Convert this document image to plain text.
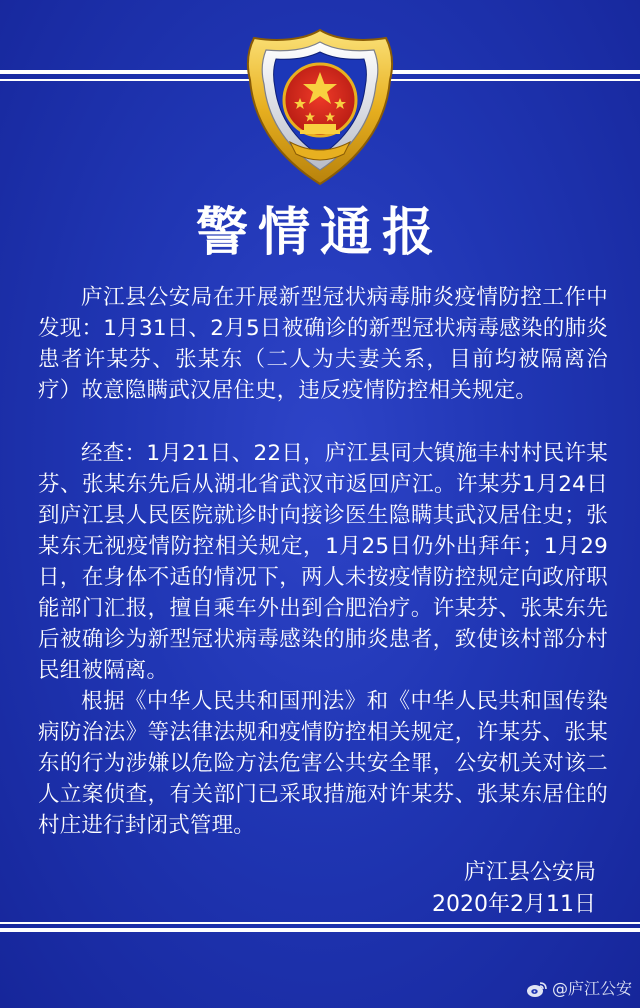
警情通报

庐江县公安局在开展新型冠状病毒肺炎疫情防控工作中发现：1月31日、2月5日被确诊的新型冠状病毒感染的肺炎患者许某芬、张某东（二人为夫妻关系，目前均被隔离治疗）故意隐瞒武汉居住史，违反疫情防控相关规定。

经查：1月21日、22日，庐江县同大镇施丰村村民许某芬、张某东先后从湖北省武汉市返回庐江。许某芬1月24日到庐江县人民医院就诊时向接诊医生隐瞒其武汉居住史；张某东无视疫情防控相关规定，1月25日仍外出拜年；1月29日，在身体不适的情况下，两人未按疫情防控规定向政府职能部门汇报，擅自乘车外出到合肥治疗。许某芬、张某东先后被确诊为新型冠状病毒感染的肺炎患者，致使该村部分村民组被隔离。

根据《中华人民共和国刑法》和《中华人民共和国传染病防治法》等法律法规和疫情防控相关规定，许某芬、张某东的行为涉嫌以危险方法危害公共安全罪，公安机关对该二人立案侦查，有关部门已采取措施对许某芬、张某东居住的村庄进行封闭式管理。

庐江县公安局
2020年2月11日
@庐江公安
